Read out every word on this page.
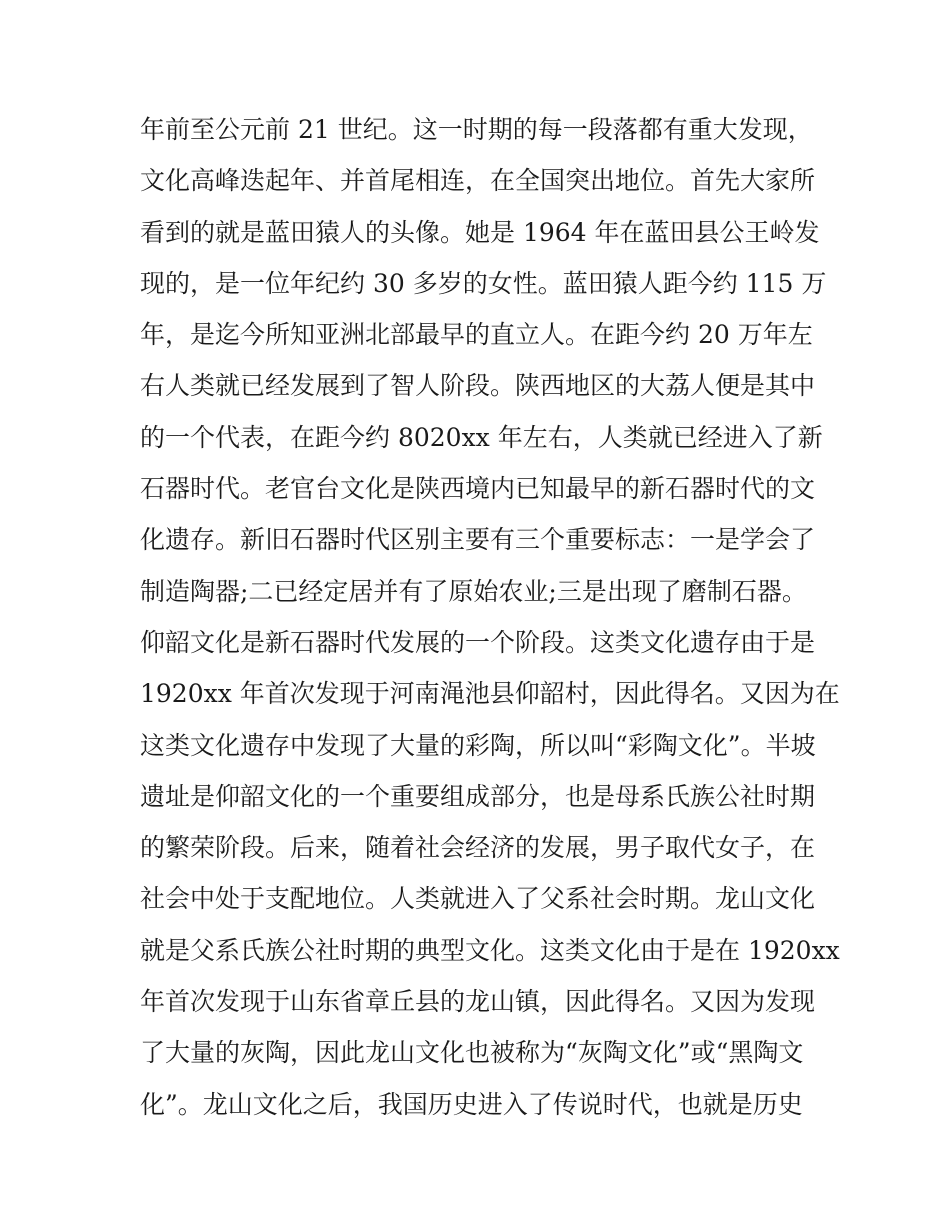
年前至公元前 21 世纪。这一时期的每一段落都有重大发现，
文化高峰迭起年、并首尾相连，在全国突出地位。首先大家所
看到的就是蓝田猿人的头像。她是 1964 年在蓝田县公王岭发
现的，是一位年纪约 30 多岁的女性。蓝田猿人距今约 115 万
年，是迄今所知亚洲北部最早的直立人。在距今约 20 万年左
右人类就已经发展到了智人阶段。陕西地区的大荔人便是其中
的一个代表，在距今约 8020xx 年左右，人类就已经进入了新
石器时代。老官台文化是陕西境内已知最早的新石器时代的文
化遗存。新旧石器时代区别主要有三个重要标志：一是学会了
制造陶器;二已经定居并有了原始农业;三是出现了磨制石器。
仰韶文化是新石器时代发展的一个阶段。这类文化遗存由于是
1920xx 年首次发现于河南渑池县仰韶村，因此得名。又因为在
这类文化遗存中发现了大量的彩陶，所以叫“彩陶文化”。半坡
遗址是仰韶文化的一个重要组成部分，也是母系氏族公社时期
的繁荣阶段。后来，随着社会经济的发展，男子取代女子，在
社会中处于支配地位。人类就进入了父系社会时期。龙山文化
就是父系氏族公社时期的典型文化。这类文化由于是在 1920xx
年首次发现于山东省章丘县的龙山镇，因此得名。又因为发现
了大量的灰陶，因此龙山文化也被称为“灰陶文化”或“黑陶文
化”。龙山文化之后，我国历史进入了传说时代，也就是历史
